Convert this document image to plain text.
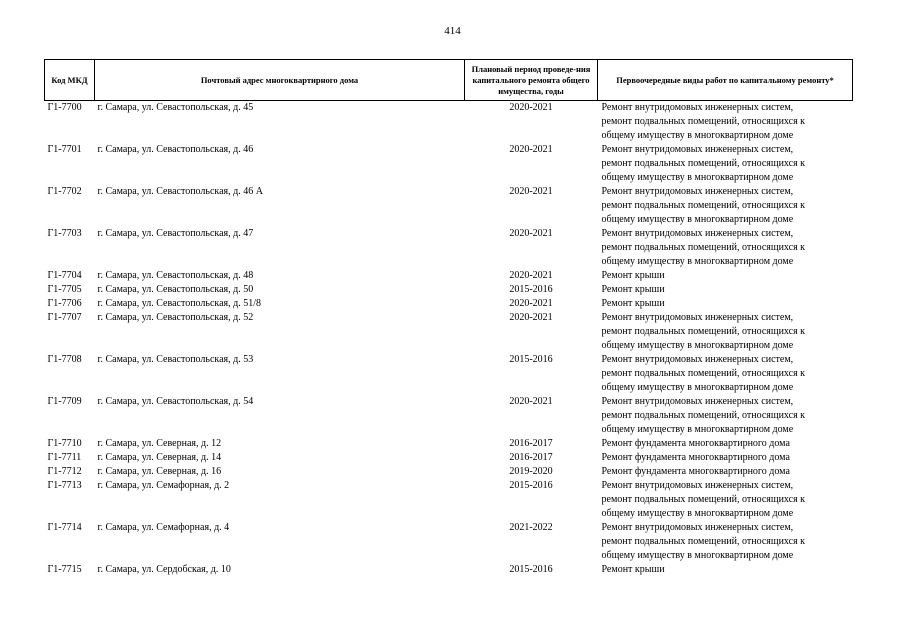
414
Код МКД	Почтовый адрес многоквартирного дома	Плановый период проведе-ния капитального ремонта общего имущества, годы	Первоочередные виды работ по капитальному ремонту*
Г1-7700	г. Самара, ул. Севастопольская, д. 45	2020-2021	Ремонт внутридомовых инженерных систем,
ремонт подвальных помещений, относящихся к
общему имуществу в многоквартирном доме

Г1-7701	г. Самара, ул. Севастопольская, д. 46	2020-2021	Ремонт внутридомовых инженерных систем,
ремонт подвальных помещений, относящихся к
общему имуществу в многоквартирном доме

Г1-7702	г. Самара, ул. Севастопольская, д. 46 А	2020-2021	Ремонт внутридомовых инженерных систем,
ремонт подвальных помещений, относящихся к
общему имуществу в многоквартирном доме

Г1-7703	г. Самара, ул. Севастопольская, д. 47	2020-2021	Ремонт внутридомовых инженерных систем,
ремонт подвальных помещений, относящихся к
общему имуществу в многоквартирном доме

Г1-7704	г. Самара, ул. Севастопольская, д. 48	2020-2021	Ремонт крыши

Г1-7705	г. Самара, ул. Севастопольская, д. 50	2015-2016	Ремонт крыши

Г1-7706	г. Самара, ул. Севастопольская, д. 51/8	2020-2021	Ремонт крыши

Г1-7707	г. Самара, ул. Севастопольская, д. 52	2020-2021	Ремонт внутридомовых инженерных систем,
ремонт подвальных помещений, относящихся к
общему имуществу в многоквартирном доме

Г1-7708	г. Самара, ул. Севастопольская, д. 53	2015-2016	Ремонт внутридомовых инженерных систем,
ремонт подвальных помещений, относящихся к
общему имуществу в многоквартирном доме

Г1-7709	г. Самара, ул. Севастопольская, д. 54	2020-2021	Ремонт внутридомовых инженерных систем,
ремонт подвальных помещений, относящихся к
общему имуществу в многоквартирном доме

Г1-7710	г. Самара, ул. Северная, д. 12	2016-2017	Ремонт фундамента многоквартирного дома

Г1-7711	г. Самара, ул. Северная, д. 14	2016-2017	Ремонт фундамента многоквартирного дома

Г1-7712	г. Самара, ул. Северная, д. 16	2019-2020	Ремонт фундамента многоквартирного дома

Г1-7713	г. Самара, ул. Семафорная, д. 2	2015-2016	Ремонт внутридомовых инженерных систем,
ремонт подвальных помещений, относящихся к
общему имуществу в многоквартирном доме

Г1-7714	г. Самара, ул. Семафорная, д. 4	2021-2022	Ремонт внутридомовых инженерных систем,
ремонт подвальных помещений, относящихся к
общему имуществу в многоквартирном доме

Г1-7715	г. Самара, ул. Сердобская, д. 10	2015-2016	Ремонт крыши
